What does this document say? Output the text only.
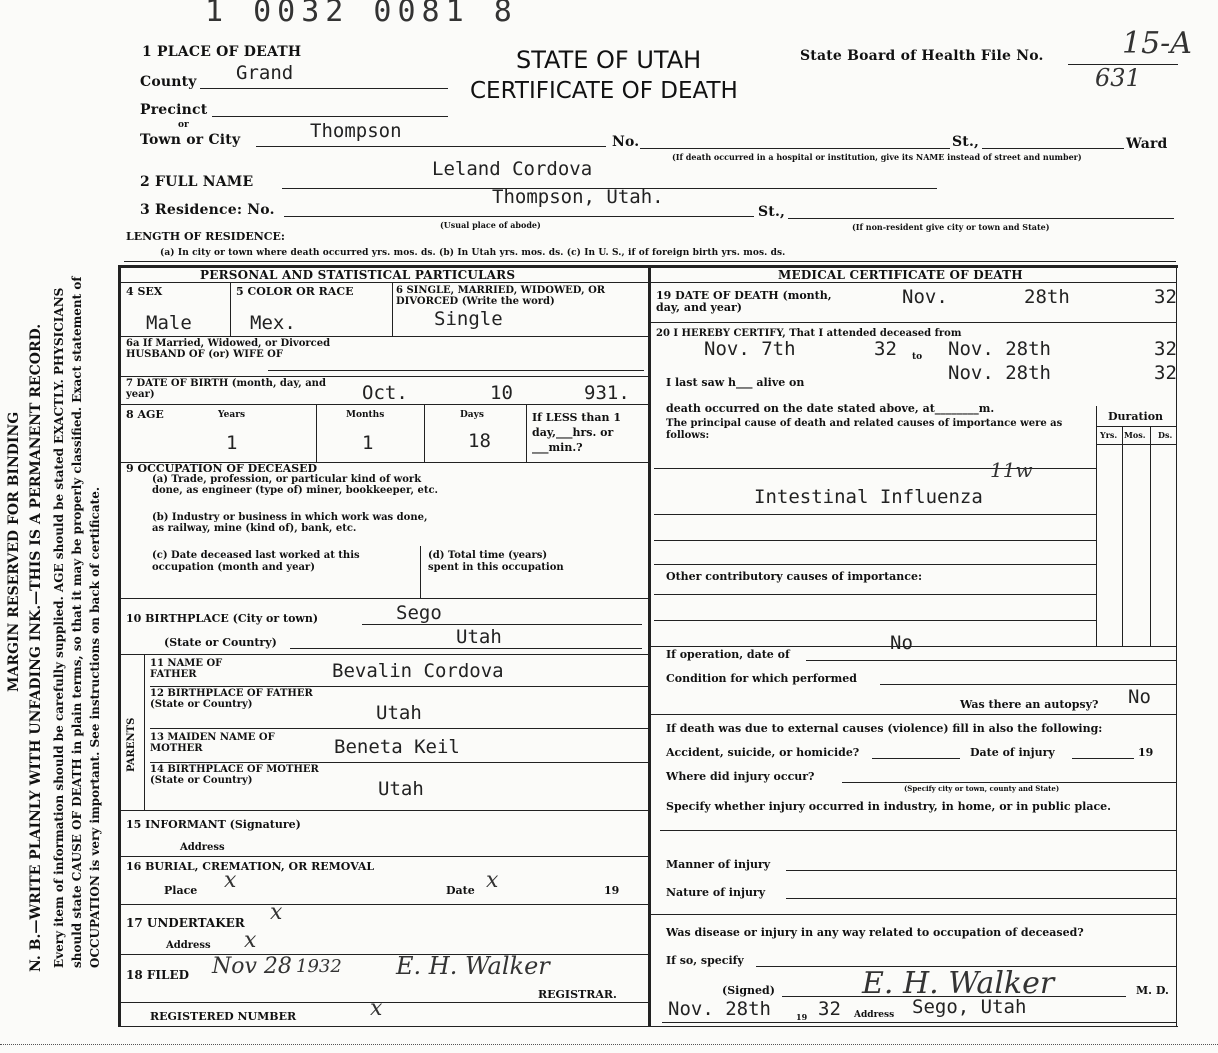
MARGIN RESERVED FOR BINDING N. B.—WRITE PLAINLY WITH UNFADING INK.—THIS IS A PERMANENT RECORD. Every item of information should be carefully supplied. AGE should be stated EXACTLY. PHYSICIANS should state CAUSE OF DEATH in plain terms, so that it may be properly classified. Exact statement of OCCUPATION is very important. See instructions on back of certificate.
1 0032 0081 8
1 PLACE OF DEATH	STATE OF UTAH
CERTIFICATE OF DEATH
State Board of Health File No.	15-A
631
County Grand
Precinct
or
Town or City	Thompson	No.	St.,	Ward
(If death occurred in a hospital or institution, give its NAME instead of street and number)
2 FULL NAME
Leland Cordova
3 Residence: No.
Thompson, Utah.
St.,
(Usual place of abode)	(If non-resident give city or town and State)
LENGTH OF RESIDENCE:
(a) In city or town where death occurred yrs. mos. ds. (b) In Utah yrs. mos. ds. (c) In U. S., if of foreign birth yrs. mos. ds.
PERSONAL AND STATISTICAL PARTICULARS
4 SEX
Male
5 COLOR OR RACE
Mex.
6 SINGLE, MARRIED, WIDOWED, OR DIVORCED (Write the word)
Single
6a If Married, Widowed, or Divorced HUSBAND OF (or) WIFE OF
7 DATE OF BIRTH (month, day, and year)	Oct.	10	931.
8 AGE	Years	Months	Days	If LESS than 1 day,___hrs. or ___min.?
1	1	18
9 OCCUPATION OF DECEASED
(a) Trade, profession, or particular kind of work done, as engineer (type of) miner, bookkeeper, etc.
(b) Industry or business in which work was done, as railway, mine (kind of), bank, etc.
(c) Date deceased last worked at this occupation (month and year)
(d) Total time (years) spent in this occupation
10 BIRTHPLACE (City or town)	Sego
(State or Country)	Utah
PARENTS
11 NAME OF FATHER	Bevalin Cordova
12 BIRTHPLACE OF FATHER (State or Country)	Utah
13 MAIDEN NAME OF MOTHER	Beneta Keil
14 BIRTHPLACE OF MOTHER (State or Country)	Utah
15 INFORMANT (Signature)
Address
16 BURIAL, CREMATION, OR REMOVAL
Place x	Date x	19
17 UNDERTAKER x
Address x
18 FILED Nov 28 1932 E. H. Walker
REGISTRAR.
REGISTERED NUMBER	x
MEDICAL CERTIFICATE OF DEATH
19 DATE OF DEATH (month, day, and year)	Nov.	28th	32
20 I HEREBY CERTIFY, That I attended deceased from
Nov. 7th	32 to Nov. 28th	32
I last saw h___ alive on	Nov. 28th	32
death occurred on the date stated above, at________m.
The principal cause of death and related causes of importance were as follows:
Duration
Yrs. Mos. Ds.
11w
Intestinal Influenza
Other contributory causes of importance:
If operation, date of
No
Condition for which performed
Was there an autopsy? No
If death was due to external causes (violence) fill in also the following:
Accident, suicide, or homicide?	Date of injury	19
Where did injury occur?
(Specify city or town, county and State)
Specify whether injury occurred in industry, in home, or in public place.
Manner of injury
Nature of injury
Was disease or injury in any way related to occupation of deceased?
If so, specify
(Signed)	E. H. Walker	M. D.
Nov. 28th	19 32 Address Sego, Utah
